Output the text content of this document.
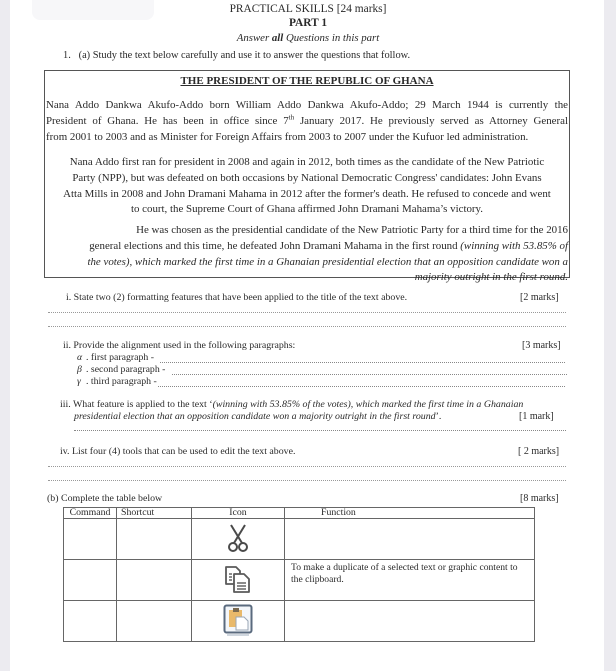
PRACTICAL SKILLS [24 marks]
PART 1
Answer all Questions in this part
1. (a) Study the text below carefully and use it to answer the questions that follow.
THE PRESIDENT OF THE REPUBLIC OF GHANA
Nana Addo Dankwa Akufo-Addo born William Addo Dankwa Akufo-Addo; 29 March 1944 is currently the
President of Ghana. He has been in office since 7th January 2017. He previously served as Attorney General
from 2001 to 2003 and as Minister for Foreign Affairs from 2003 to 2007 under the Kufuor led administration.
Nana Addo first ran for president in 2008 and again in 2012, both times as the candidate of the New Patriotic
Party (NPP), but was defeated on both occasions by National Democratic Congress' candidates: John Evans
Atta Mills in 2008 and John Dramani Mahama in 2012 after the former's death. He refused to concede and went
to court, the Supreme Court of Ghana affirmed John Dramani Mahama’s victory.
He was chosen as the presidential candidate of the New Patriotic Party for a third time for the 2016
general elections and this time, he defeated John Dramani Mahama in the first round (winning with 53.85% of
the votes), which marked the first time in a Ghanaian presidential election that an opposition candidate won a
majority outright in the first round.
i. State two (2) formatting features that have been applied to the title of the text above.	[2 marks]
ii. Provide the alignment used in the following paragraphs:	[3 marks]
α . first paragraph -
β . second paragraph -
γ . third paragraph -
iii. What feature is applied to the text ‘(winning with 53.85% of the votes), which marked the first time in a Ghanaian
presidential election that an opposition candidate won a majority outright in the first round’.	[1 mark]
iv. List four (4) tools that can be used to edit the text above.	[ 2 marks]
(b) Complete the table below	[8 marks]
Command	Shortcut	Icon	Function

			To make a duplicate of a selected text or graphic content to the clipboard.
